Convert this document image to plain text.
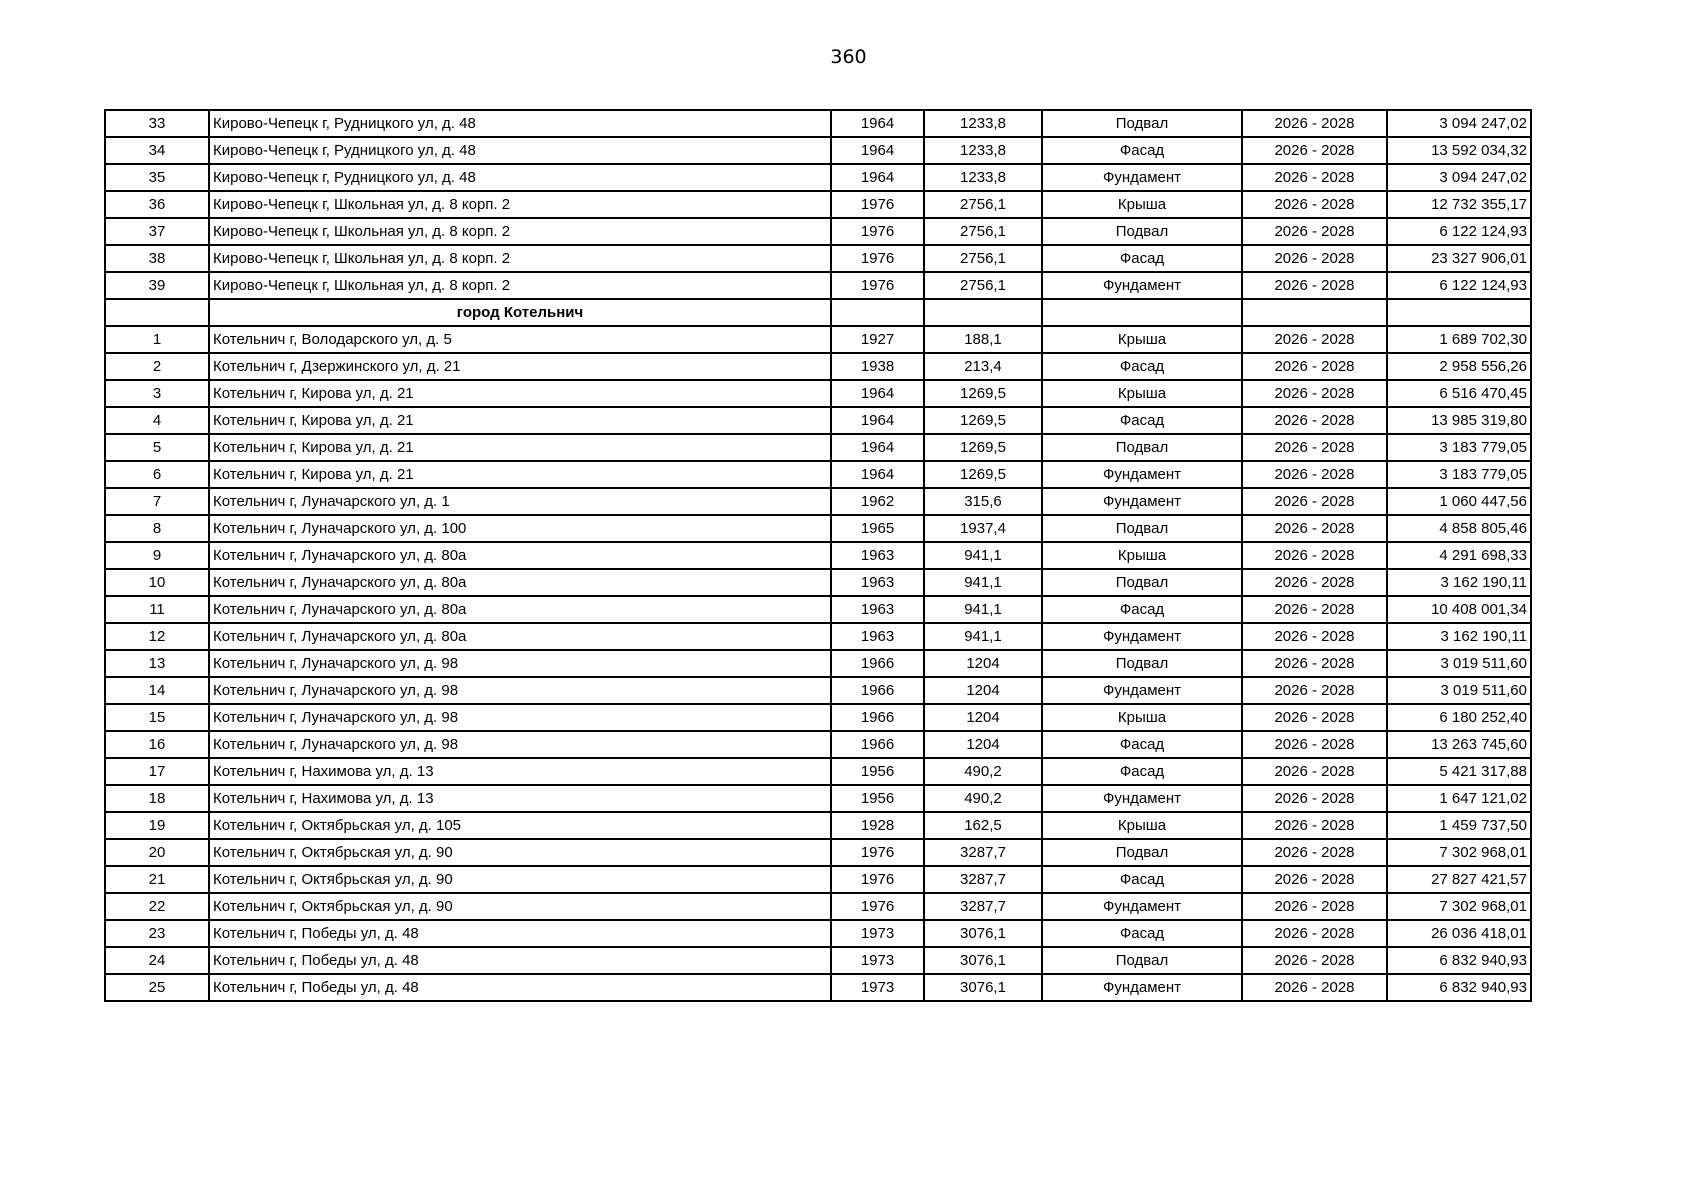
360
33	Кирово-Чепецк г, Рудницкого ул, д. 48	1964	1233,8	Подвал	2026 - 2028	3 094 247,02
34	Кирово-Чепецк г, Рудницкого ул, д. 48	1964	1233,8	Фасад	2026 - 2028	13 592 034,32
35	Кирово-Чепецк г, Рудницкого ул, д. 48	1964	1233,8	Фундамент	2026 - 2028	3 094 247,02
36	Кирово-Чепецк г, Школьная ул, д. 8 корп. 2	1976	2756,1	Крыша	2026 - 2028	12 732 355,17
37	Кирово-Чепецк г, Школьная ул, д. 8 корп. 2	1976	2756,1	Подвал	2026 - 2028	6 122 124,93
38	Кирово-Чепецк г, Школьная ул, д. 8 корп. 2	1976	2756,1	Фасад	2026 - 2028	23 327 906,01
39	Кирово-Чепецк г, Школьная ул, д. 8 корп. 2	1976	2756,1	Фундамент	2026 - 2028	6 122 124,93
	город Котельнич					
1	Котельнич г, Володарского ул, д. 5	1927	188,1	Крыша	2026 - 2028	1 689 702,30
2	Котельнич г, Дзержинского ул, д. 21	1938	213,4	Фасад	2026 - 2028	2 958 556,26
3	Котельнич г, Кирова ул, д. 21	1964	1269,5	Крыша	2026 - 2028	6 516 470,45
4	Котельнич г, Кирова ул, д. 21	1964	1269,5	Фасад	2026 - 2028	13 985 319,80
5	Котельнич г, Кирова ул, д. 21	1964	1269,5	Подвал	2026 - 2028	3 183 779,05
6	Котельнич г, Кирова ул, д. 21	1964	1269,5	Фундамент	2026 - 2028	3 183 779,05
7	Котельнич г, Луначарского ул, д. 1	1962	315,6	Фундамент	2026 - 2028	1 060 447,56
8	Котельнич г, Луначарского ул, д. 100	1965	1937,4	Подвал	2026 - 2028	4 858 805,46
9	Котельнич г, Луначарского ул, д. 80а	1963	941,1	Крыша	2026 - 2028	4 291 698,33
10	Котельнич г, Луначарского ул, д. 80а	1963	941,1	Подвал	2026 - 2028	3 162 190,11
11	Котельнич г, Луначарского ул, д. 80а	1963	941,1	Фасад	2026 - 2028	10 408 001,34
12	Котельнич г, Луначарского ул, д. 80а	1963	941,1	Фундамент	2026 - 2028	3 162 190,11
13	Котельнич г, Луначарского ул, д. 98	1966	1204	Подвал	2026 - 2028	3 019 511,60
14	Котельнич г, Луначарского ул, д. 98	1966	1204	Фундамент	2026 - 2028	3 019 511,60
15	Котельнич г, Луначарского ул, д. 98	1966	1204	Крыша	2026 - 2028	6 180 252,40
16	Котельнич г, Луначарского ул, д. 98	1966	1204	Фасад	2026 - 2028	13 263 745,60
17	Котельнич г, Нахимова ул, д. 13	1956	490,2	Фасад	2026 - 2028	5 421 317,88
18	Котельнич г, Нахимова ул, д. 13	1956	490,2	Фундамент	2026 - 2028	1 647 121,02
19	Котельнич г, Октябрьская ул, д. 105	1928	162,5	Крыша	2026 - 2028	1 459 737,50
20	Котельнич г, Октябрьская ул, д. 90	1976	3287,7	Подвал	2026 - 2028	7 302 968,01
21	Котельнич г, Октябрьская ул, д. 90	1976	3287,7	Фасад	2026 - 2028	27 827 421,57
22	Котельнич г, Октябрьская ул, д. 90	1976	3287,7	Фундамент	2026 - 2028	7 302 968,01
23	Котельнич г, Победы ул, д. 48	1973	3076,1	Фасад	2026 - 2028	26 036 418,01
24	Котельнич г, Победы ул, д. 48	1973	3076,1	Подвал	2026 - 2028	6 832 940,93
25	Котельнич г, Победы ул, д. 48	1973	3076,1	Фундамент	2026 - 2028	6 832 940,93
